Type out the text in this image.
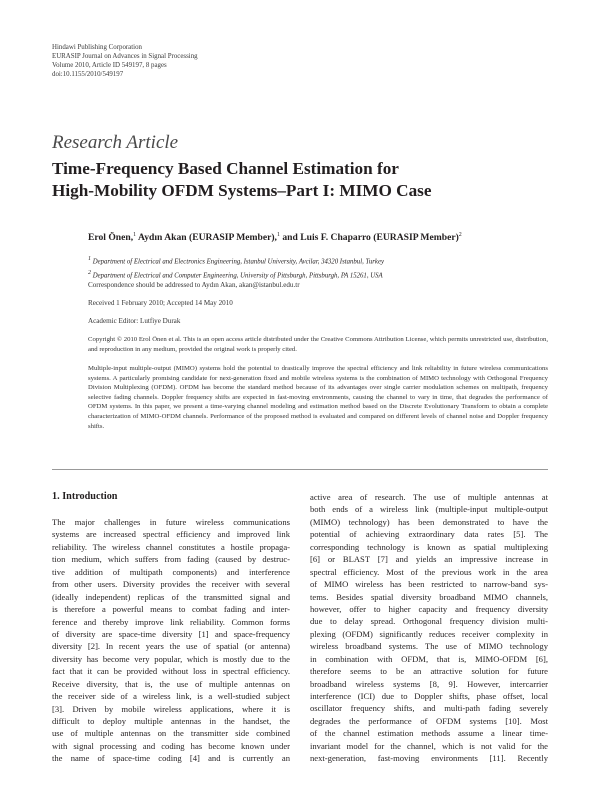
Hindawi Publishing Corporation
EURASIP Journal on Advances in Signal Processing
Volume 2010, Article ID 549197, 8 pages
doi:10.1155/2010/549197
Research Article
Time-Frequency Based Channel Estimation for
High-Mobility OFDM Systems–Part I: MIMO Case
Erol Önen,$^1$ Aydın Akan (EURASIP Member),$^1$ and Luis F. Chaparro (EURASIP Member)$^2$
1 Department of Electrical and Electronics Engineering, Istanbul University, Avcilar, 34320 Istanbul, Turkey
2 Department of Electrical and Computer Engineering, University of Pittsburgh, Pittsburgh, PA 15261, USA
Correspondence should be addressed to Aydın Akan, akan@istanbul.edu.tr
Received 1 February 2010; Accepted 14 May 2010
Academic Editor: Lutfiye Durak
Copyright © 2010 Erol Önen et al. This is an open access article distributed under the Creative Commons Attribution License, which permits unrestricted use, distribution, and reproduction in any medium, provided the original work is properly cited.
Multiple-input multiple-output (MIMO) systems hold the potential to drastically improve the spectral efficiency and link reliability in future wireless communications systems. A particularly promising candidate for next-generation fixed and mobile wireless systems is the combination of MIMO technology with Orthogonal Frequency Division Multiplexing (OFDM). OFDM has become the standard method because of its advantages over single carrier modulation schemes on multipath, frequency selective fading channels. Doppler frequency shifts are expected in fast-moving environments, causing the channel to vary in time, that degrades the performance of OFDM systems. In this paper, we present a time-varying channel modeling and estimation method based on the Discrete Evolutionary Transform to obtain a complete characterization of MIMO-OFDM channels. Performance of the proposed method is evaluated and compared on different levels of channel noise and Doppler frequency shifts.
1. Introduction
The major challenges in future wireless communications
systems are increased spectral efficiency and improved link
reliability. The wireless channel constitutes a hostile propaga-
tion medium, which suffers from fading (caused by destruc-
tive addition of multipath components) and interference
from other users. Diversity provides the receiver with several
(ideally independent) replicas of the transmitted signal and
is therefore a powerful means to combat fading and inter-
ference and thereby improve link reliability. Common forms
of diversity are space-time diversity [1] and space-frequency
diversity [2]. In recent years the use of spatial (or antenna)
diversity has become very popular, which is mostly due to the
fact that it can be provided without loss in spectral efficiency.
Receive diversity, that is, the use of multiple antennas on
the receiver side of a wireless link, is a well-studied subject
[3]. Driven by mobile wireless applications, where it is
difficult to deploy multiple antennas in the handset, the
use of multiple antennas on the transmitter side combined
with signal processing and coding has become known under
the name of space-time coding [4] and is currently an
active area of research. The use of multiple antennas at
both ends of a wireless link (multiple-input multiple-output
(MIMO) technology) has been demonstrated to have the
potential of achieving extraordinary data rates [5]. The
corresponding technology is known as spatial multiplexing
[6] or BLAST [7] and yields an impressive increase in
spectral efficiency. Most of the previous work in the area
of MIMO wireless has been restricted to narrow-band sys-
tems. Besides spatial diversity broadband MIMO channels,
however, offer to higher capacity and frequency diversity
due to delay spread. Orthogonal frequency division multi-
plexing (OFDM) significantly reduces receiver complexity in
wireless broadband systems. The use of MIMO technology
in combination with OFDM, that is, MIMO-OFDM [6],
therefore seems to be an attractive solution for future
broadband wireless systems [8, 9]. However, intercarrier
interference (ICI) due to Doppler shifts, phase offset, local
oscillator frequency shifts, and multi-path fading severely
degrades the performance of OFDM systems [10]. Most
of the channel estimation methods assume a linear time-
invariant model for the channel, which is not valid for the
next-generation, fast-moving environments [11]. Recently
